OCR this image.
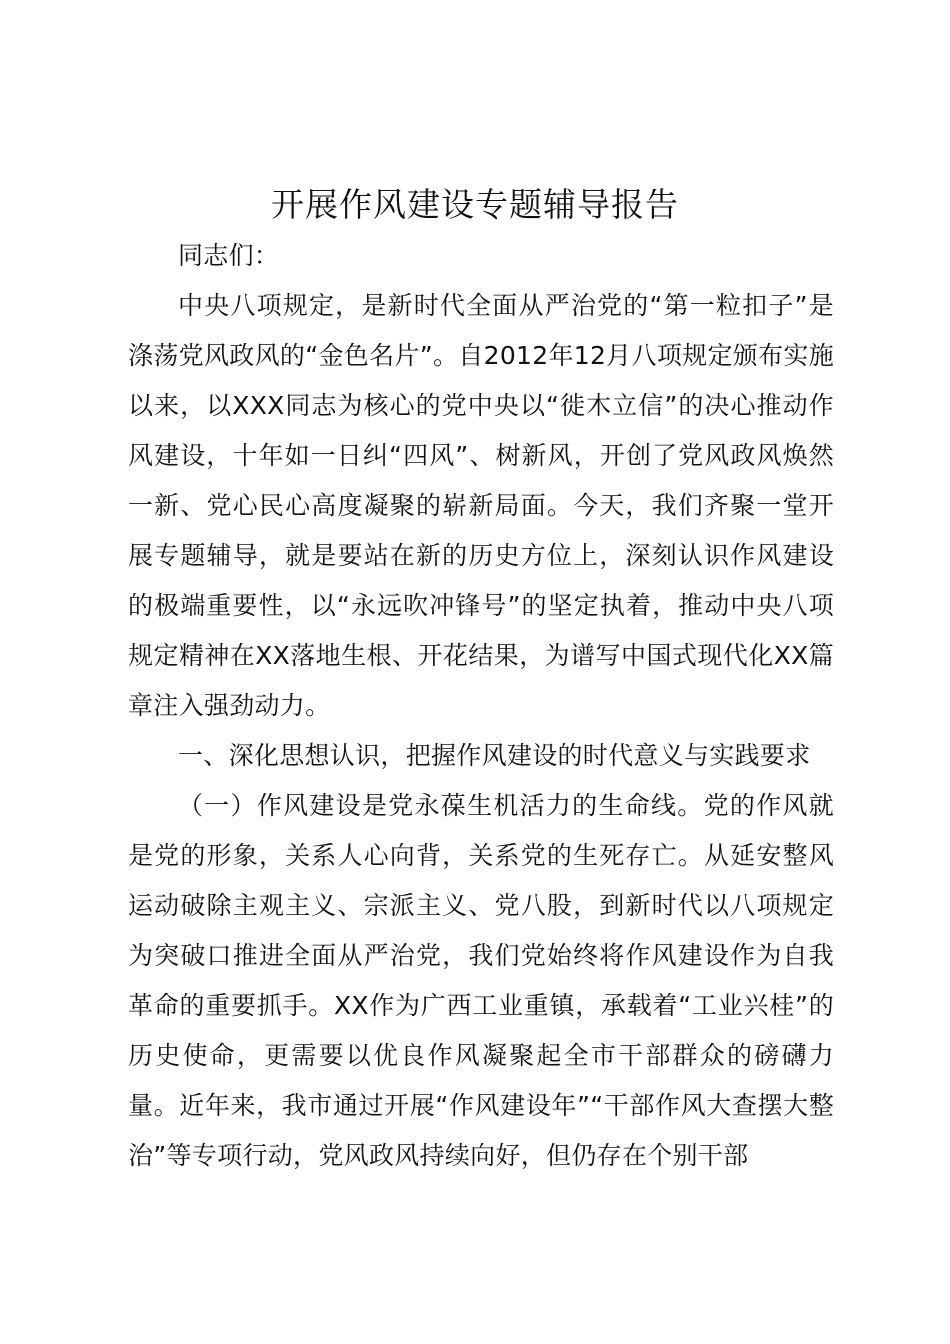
开展作风建设专题辅导报告

同志们：

中央八项规定，是新时代全面从严治党的“第一粒扣子”是涤荡党风政风的“金色名片”。自2012年12月八项规定颁布实施以来，以XXX同志为核心的党中央以“徙木立信”的决心推动作风建设，十年如一日纠“四风”、树新风，开创了党风政风焕然一新、党心民心高度凝聚的崭新局面。今天，我们齐聚一堂开展专题辅导，就是要站在新的历史方位上，深刻认识作风建设的极端重要性，以“永远吹冲锋号”的坚定执着，推动中央八项规定精神在XX落地生根、开花结果，为谱写中国式现代化XX篇章注入强劲动力。

一、深化思想认识，把握作风建设的时代意义与实践要求

（一）作风建设是党永葆生机活力的生命线。党的作风就是党的形象，关系人心向背，关系党的生死存亡。从延安整风运动破除主观主义、宗派主义、党八股，到新时代以八项规定为突破口推进全面从严治党，我们党始终将作风建设作为自我革命的重要抓手。XX作为广西工业重镇，承载着“工业兴桂”的历史使命，更需要以优良作风凝聚起全市干部群众的磅礴力量。近年来，我市通过开展“作风建设年”“干部作风大查摆大整治”等专项行动，党风政风持续向好，但仍存在个别干部
